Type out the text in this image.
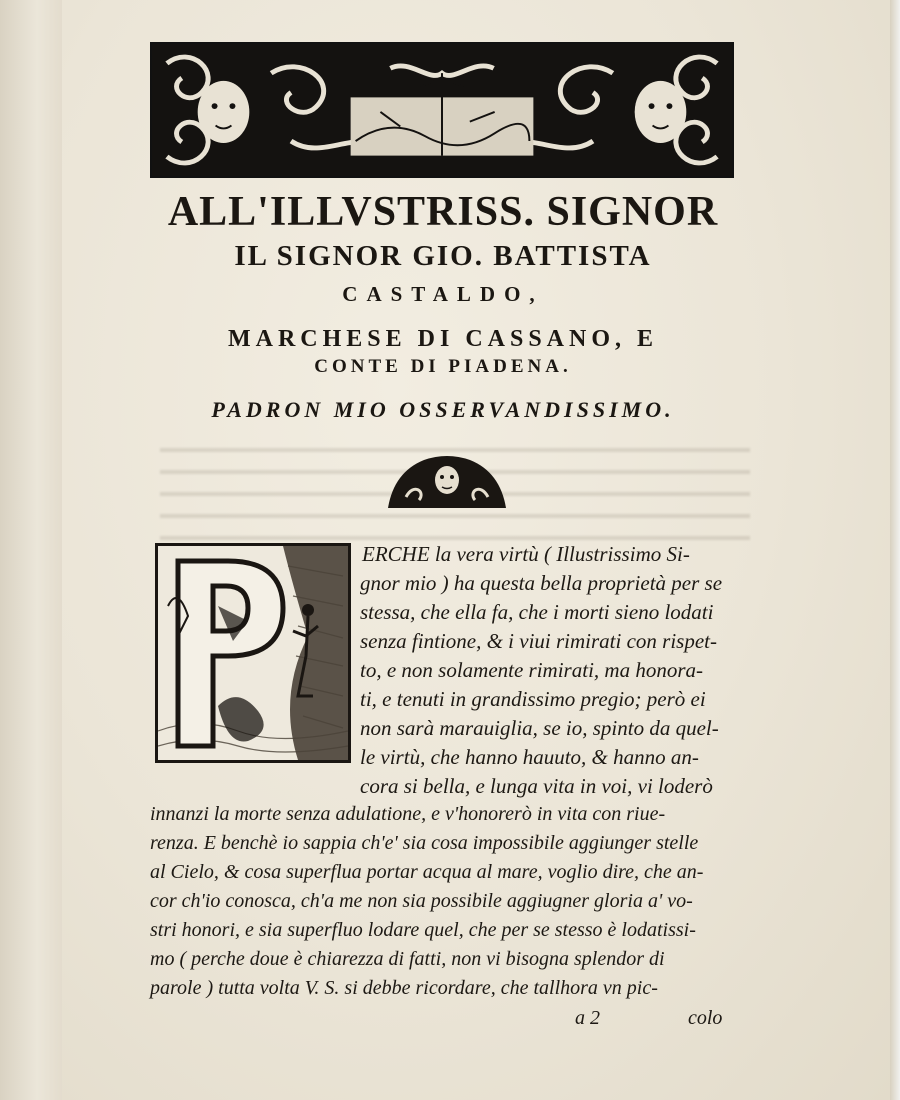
ALL'ILLVSTRISS. SIGNOR
IL SIGNOR GIO. BATTISTA
CASTALDO,
MARCHESE DI CASSANO, E
CONTE DI PIADENA.
PADRON MIO OSSERVANDISSIMO.

ERCHE la vera virtù ( Illustrissimo Si-

gnor mio ) ha questa bella proprietà per se

stessa, che ella fa, che i morti sieno lodati

senza fintione, & i viui rimirati con rispet-

to, e non solamente rimirati, ma honora-

ti, e tenuti in grandissimo pregio; però ei

non sarà marauiglia, se io, spinto da quel-

le virtù, che hanno hauuto, & hanno an-

cora si bella, e lunga vita in voi, vi loderò

innanzi la morte senza adulatione, e v'honorerò in vita con riue-

renza. E benchè io sappia ch'e' sia cosa impossibile aggiunger stelle

al Cielo, & cosa superflua portar acqua al mare, voglio dire, che an-

cor ch'io conosca, ch'a me non sia possibile aggiugner gloria a' vo-

stri honori, e sia superfluo lodare quel, che per se stesso è lodatissi-

mo ( perche doue è chiarezza di fatti, non vi bisogna splendor di

parole ) tutta volta V. S. si debbe ricordare, che tallhora vn pic-

a 2	colo
